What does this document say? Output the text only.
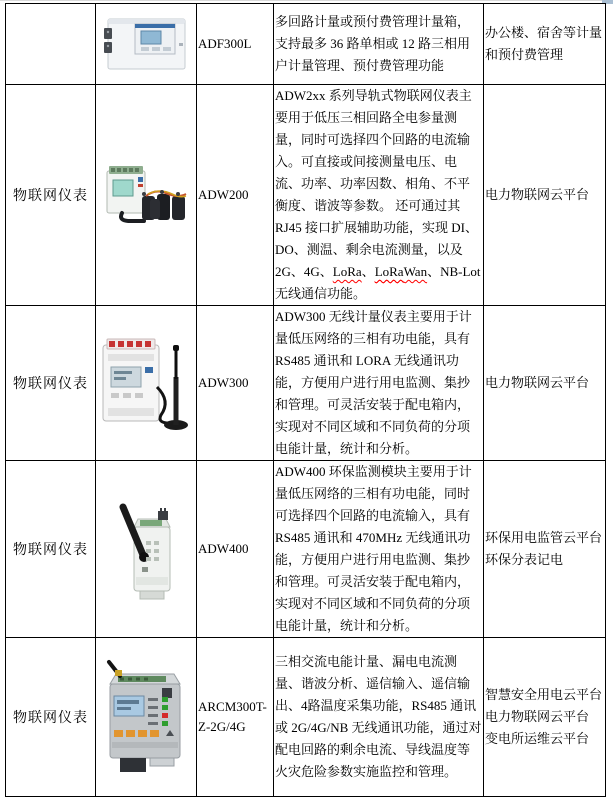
	ADF300L	多回路计量或预付费管理计量箱，支持最多 36 路单相或 12 路三相用户计量管理、预付费管理功能	办公楼、宿舍等计量和预付费管理

物联网仪表		ADW200	ADW2xx 系列导轨式物联网仪表主要用于低压三相回路全电参量测量，同时可选择四个回路的电流输入。可直接或间接测量电压、电流、功率、功率因数、相角、不平衡度、谐波等参数。 还可通过其 RJ45 接口扩展辅助功能，实现 DI、DO、测温、剩余电流测量，以及 2G、4G、LoRa、LoRaWan、NB-Lot 无线通信功能。	电力物联网云平台

物联网仪表		ADW300	ADW300 无线计量仪表主要用于计量低压网络的三相有功电能，具有 RS485 通讯和 LORA 无线通讯功能，方便用户进行用电监测、集抄和管理。可灵活安装于配电箱内，实现对不同区域和不同负荷的分项电能计量，统计和分析。	电力物联网云平台

物联网仪表		ADW400	ADW400 环保监测模块主要用于计量低压网络的三相有功电能，同时可选择四个回路的电流输入，具有 RS485 通讯和 470MHz 无线通讯功能，方便用户进行用电监测、集抄和管理。可灵活安装于配电箱内，实现对不同区域和不同负荷的分项电能计量，统计和分析。	环保用电监管云平台
环保分表记电

物联网仪表		ARCM300T-Z-2G/4G	三相交流电能计量、漏电电流测量、谐波分析、遥信输入、遥信输出、4路温度采集功能，RS485 通讯或 2G/4G/NB 无线通讯功能，通过对配电回路的剩余电流、导线温度等火灾危险参数实施监控和管理。	智慧安全用电云平台
电力物联网云平台
变电所运维云平台
